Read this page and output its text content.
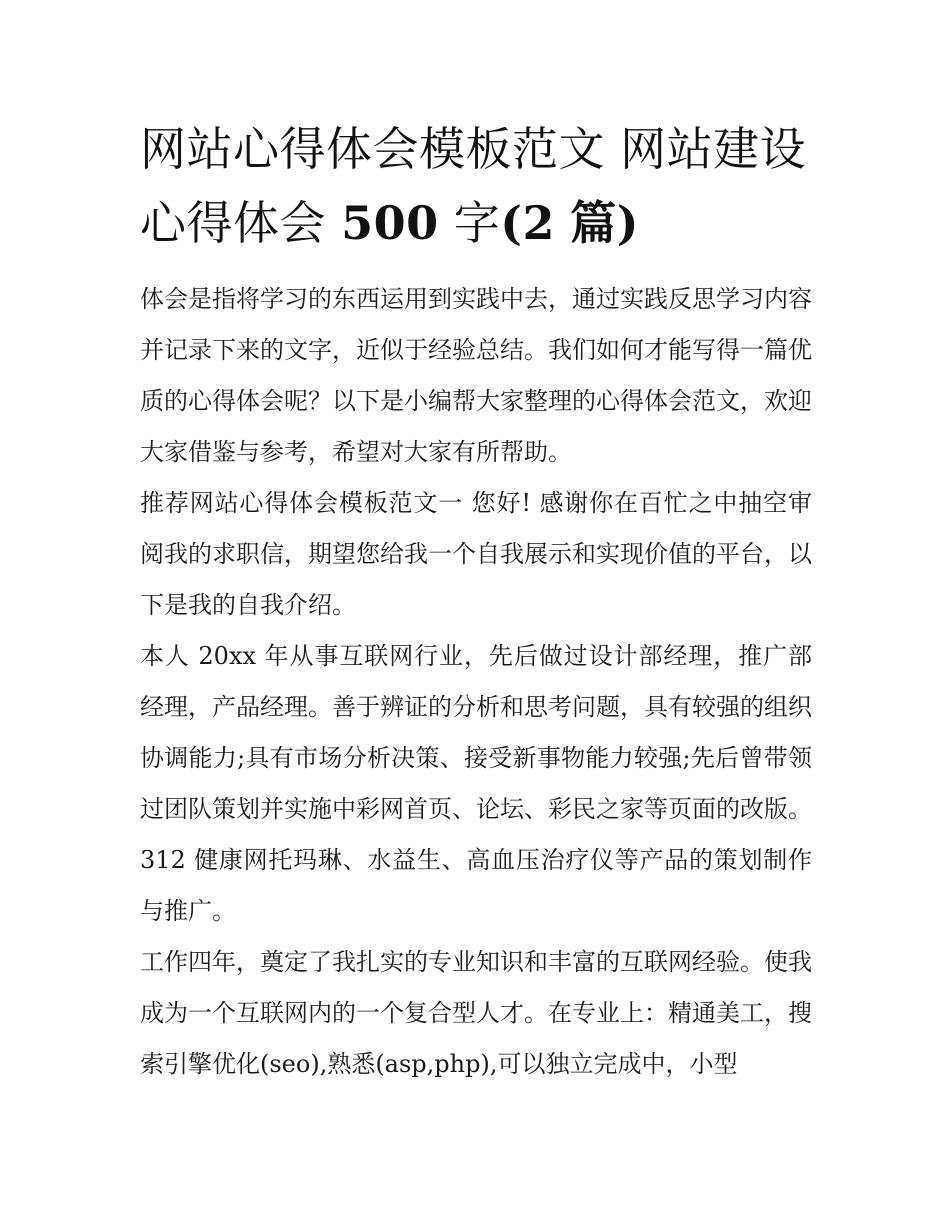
网站心得体会模板范文 网站建设心得体会 500 字(2 篇)

体会是指将学习的东西运用到实践中去，通过实践反思学习内容并记录下来的文字，近似于经验总结。我们如何才能写得一篇优质的心得体会呢？以下是小编帮大家整理的心得体会范文，欢迎大家借鉴与参考，希望对大家有所帮助。

推荐网站心得体会模板范文一 您好! 感谢你在百忙之中抽空审阅我的求职信，期望您给我一个自我展示和实现价值的平台，以下是我的自我介绍。

本人 20xx 年从事互联网行业，先后做过设计部经理，推广部经理，产品经理。善于辨证的分析和思考问题，具有较强的组织协调能力;具有市场分析决策、接受新事物能力较强;先后曾带领过团队策划并实施中彩网首页、论坛、彩民之家等页面的改版。312 健康网托玛琳、水益生、高血压治疗仪等产品的策划制作与推广。

工作四年，奠定了我扎实的专业知识和丰富的互联网经验。使我成为一个互联网内的一个复合型人才。在专业上：精通美工，搜索引擎优化(seo),熟悉(asp,php),可以独立完成中，小型
